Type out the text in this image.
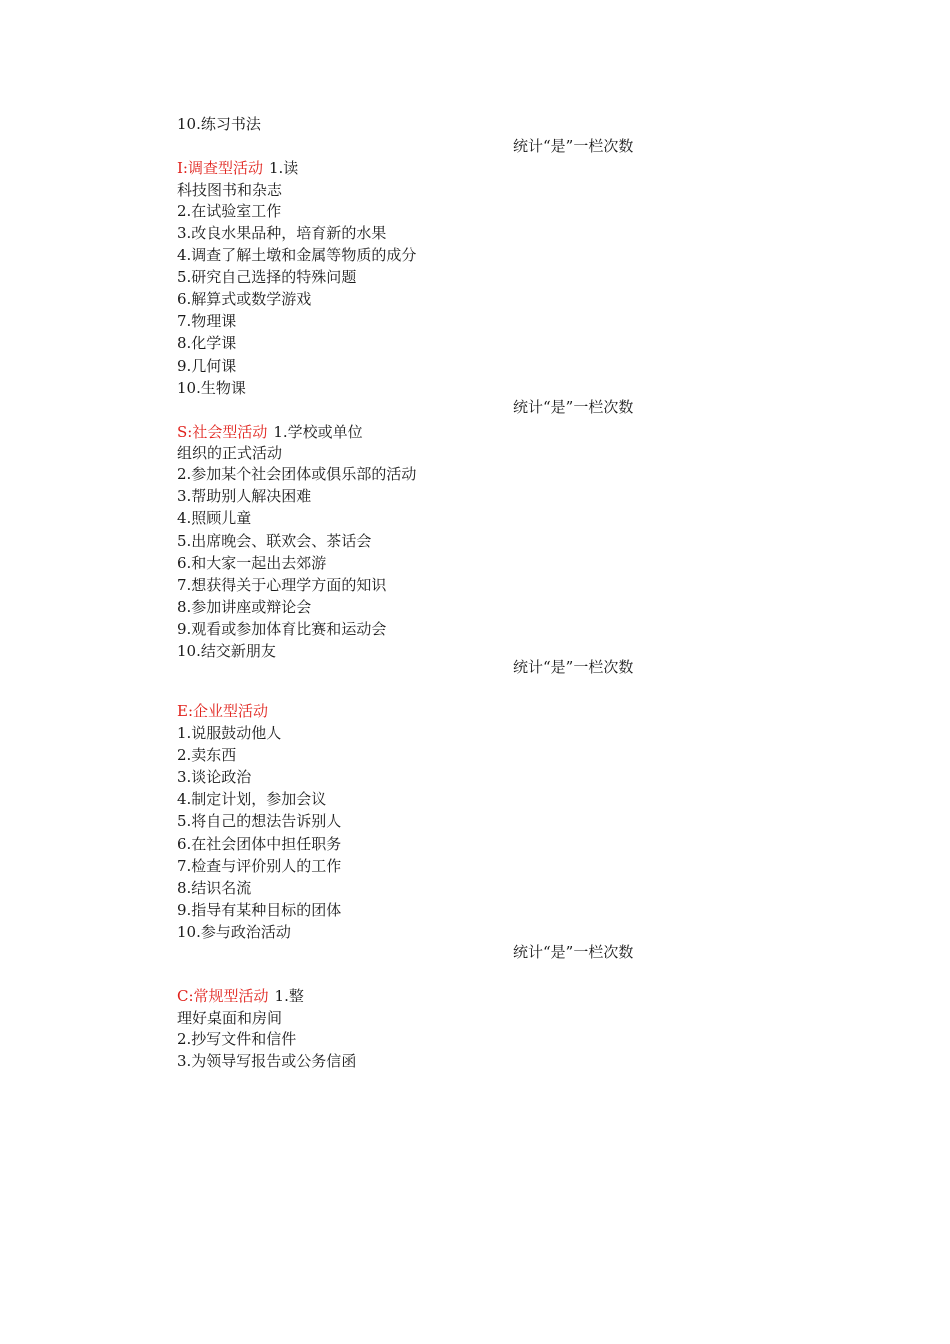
10.练习书法
统计“是”一栏次数
I:调查型活动 1.读
科技图书和杂志
2.在试验室工作
3.改良水果品种，培育新的水果
4.调查了解土墩和金属等物质的成分
5.研究自己选择的特殊问题
6.解算式或数学游戏
7.物理课
8.化学课
9.几何课
10.生物课
统计“是”一栏次数
S:社会型活动 1.学校或单位
组织的正式活动
2.参加某个社会团体或俱乐部的活动
3.帮助别人解决困难
4.照顾儿童
5.出席晚会、联欢会、茶话会
6.和大家一起出去郊游
7.想获得关于心理学方面的知识
8.参加讲座或辩论会
9.观看或参加体育比赛和运动会
10.结交新朋友
统计“是”一栏次数
E:企业型活动
1.说服鼓动他人
2.卖东西
3.谈论政治
4.制定计划，参加会议
5.将自己的想法告诉别人
6.在社会团体中担任职务
7.检查与评价别人的工作
8.结识名流
9.指导有某种目标的团体
10.参与政治活动
统计“是”一栏次数
C:常规型活动 1.整
理好桌面和房间
2.抄写文件和信件
3.为领导写报告或公务信函
